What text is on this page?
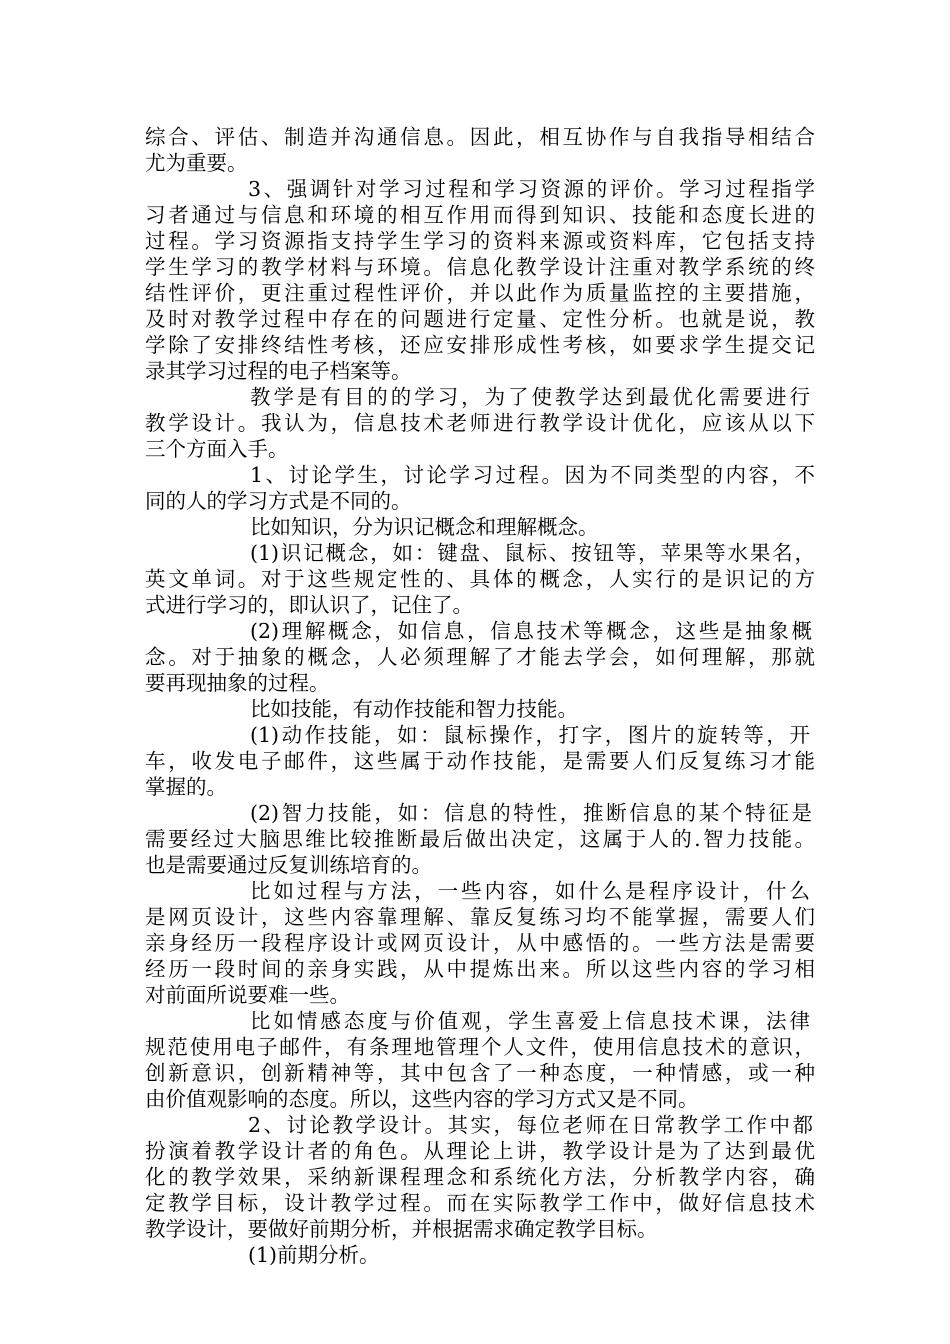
综合、评估、制造并沟通信息。因此，相互协作与自我指导相结合
尤为重要。
3、强调针对学习过程和学习资源的评价。学习过程指学
习者通过与信息和环境的相互作用而得到知识、技能和态度长进的
过程。学习资源指支持学生学习的资料来源或资料库，它包括支持
学生学习的教学材料与环境。信息化教学设计注重对教学系统的终
结性评价，更注重过程性评价，并以此作为质量监控的主要措施，
及时对教学过程中存在的问题进行定量、定性分析。也就是说，教
学除了安排终结性考核，还应安排形成性考核，如要求学生提交记
录其学习过程的电子档案等。
教学是有目的的学习，为了使教学达到最优化需要进行
教学设计。我认为，信息技术老师进行教学设计优化，应该从以下
三个方面入手。
1、讨论学生，讨论学习过程。因为不同类型的内容，不
同的人的学习方式是不同的。
比如知识，分为识记概念和理解概念。
(1)识记概念，如：键盘、鼠标、按钮等，苹果等水果名，
英文单词。对于这些规定性的、具体的概念，人实行的是识记的方
式进行学习的，即认识了，记住了。
(2)理解概念，如信息，信息技术等概念，这些是抽象概
念。对于抽象的概念，人必须理解了才能去学会，如何理解，那就
要再现抽象的过程。
比如技能，有动作技能和智力技能。
(1)动作技能，如：鼠标操作，打字，图片的旋转等，开
车，收发电子邮件，这些属于动作技能，是需要人们反复练习才能
掌握的。
(2)智力技能，如：信息的特性，推断信息的某个特征是
需要经过大脑思维比较推断最后做出决定，这属于人的.智力技能。
也是需要通过反复训练培育的。
比如过程与方法，一些内容，如什么是程序设计，什么
是网页设计，这些内容靠理解、靠反复练习均不能掌握，需要人们
亲身经历一段程序设计或网页设计，从中感悟的。一些方法是需要
经历一段时间的亲身实践，从中提炼出来。所以这些内容的学习相
对前面所说要难一些。
比如情感态度与价值观，学生喜爱上信息技术课，法律
规范使用电子邮件，有条理地管理个人文件，使用信息技术的意识，
创新意识，创新精神等，其中包含了一种态度，一种情感，或一种
由价值观影响的态度。所以，这些内容的学习方式又是不同。
2、讨论教学设计。其实，每位老师在日常教学工作中都
扮演着教学设计者的角色。从理论上讲，教学设计是为了达到最优
化的教学效果，采纳新课程理念和系统化方法，分析教学内容，确
定教学目标，设计教学过程。而在实际教学工作中，做好信息技术
教学设计，要做好前期分析，并根据需求确定教学目标。
(1)前期分析。
